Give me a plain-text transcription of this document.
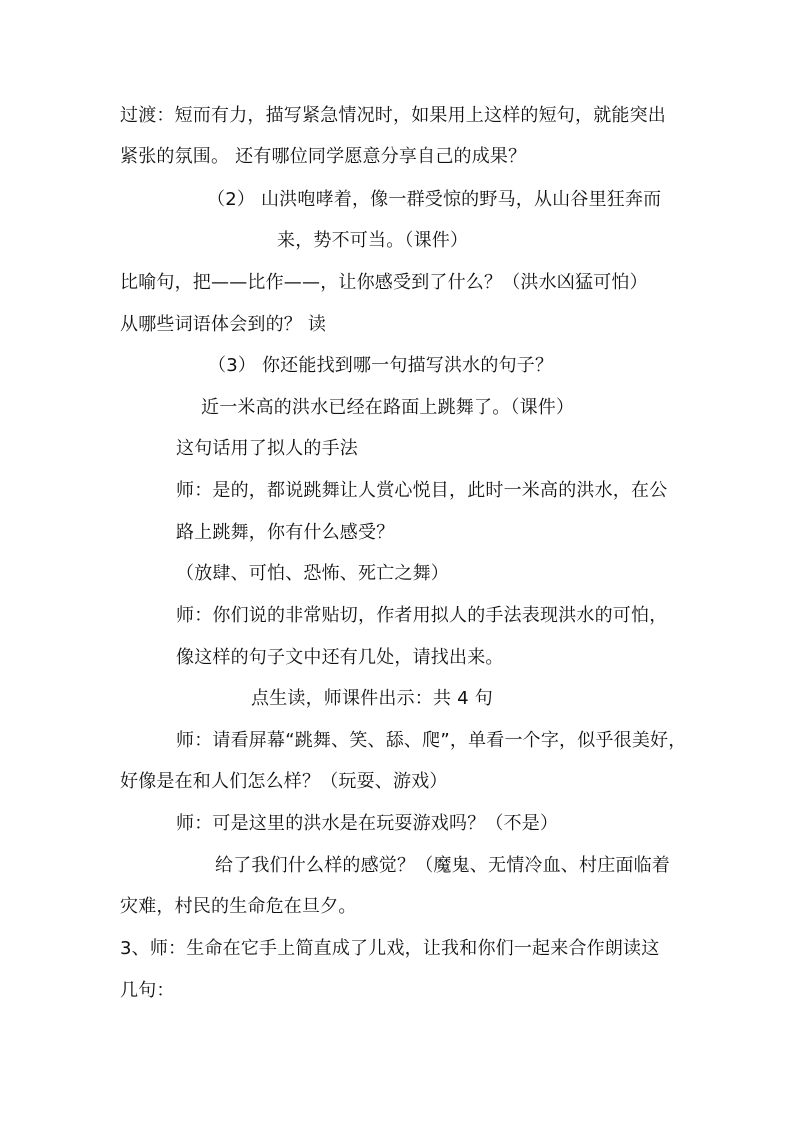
过渡：短而有力，描写紧急情况时，如果用上这样的短句，就能突出
紧张的氛围。 还有哪位同学愿意分享自己的成果？
（2） 山洪咆哮着，像一群受惊的野马，从山谷里狂奔而
来，势不可当。（课件）
比喻句，把——比作——，让你感受到了什么？（洪水凶猛可怕）
从哪些词语体会到的？ 读
（3） 你还能找到哪一句描写洪水的句子？
近一米高的洪水已经在路面上跳舞了。（课件）
这句话用了拟人的手法
师：是的，都说跳舞让人赏心悦目，此时一米高的洪水，在公
路上跳舞，你有什么感受？
（放肆、可怕、恐怖、死亡之舞）
师：你们说的非常贴切，作者用拟人的手法表现洪水的可怕，
像这样的句子文中还有几处，请找出来。
点生读，师课件出示：共 4 句
师：请看屏幕“跳舞、笑、舔、爬”，单看一个字，似乎很美好，
好像是在和人们怎么样？（玩耍、游戏）
师：可是这里的洪水是在玩耍游戏吗？（不是）
给了我们什么样的感觉？（魔鬼、无情冷血、村庄面临着
灾难，村民的生命危在旦夕。
3、师：生命在它手上简直成了儿戏，让我和你们一起来合作朗读这
几句：
